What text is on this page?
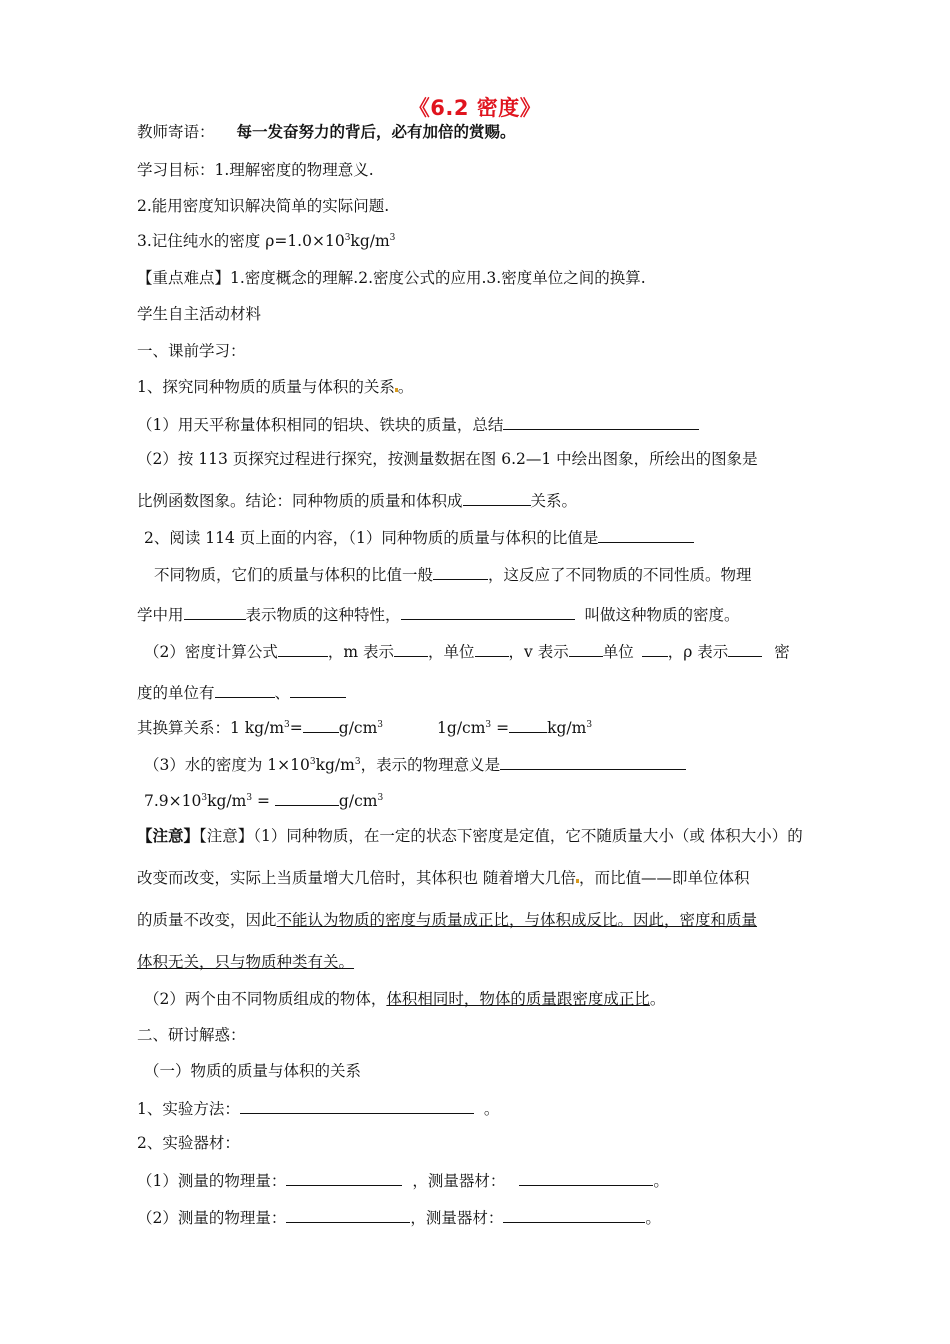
《6.2 密度》
教师寄语： 每一发奋努力的背后，必有加倍的赏赐。
学习目标：1.理解密度的物理意义.
2.能用密度知识解决简单的实际问题.
3.记住纯水的密度 $\rho=1.0\times 10^3kg/m^3$
【重点难点】1.密度概念的理解.2.密度公式的应用.3.密度单位之间的换算.
学生自主活动材料
一、课前学习：
1、探究同种物质的质量与体积的关系 。
（1）用天平称量体积相同的铝块、铁块的质量，总结
（2）按 113 页探究过程进行探究，按测量数据在图 6.2—1 中绘出图象，所绘出的图象是
比例函数图象。结论：同种物质的质量和体积成	关系。
2、阅读 114 页上面的内容，（1）同种物质的质量与体积的比值是
不同物质，它们的质量与体积的比值一般	，这反应了不同物质的不同性质。物理
学中用	表示物质的这种特性，	叫做这种物质的密度。
（2）密度计算公式	，m 表示 ，单位 ，v 表示 单位 ，ρ 表示	密
度的单位有	、
其换算关系：1 $kg/m^3= g/cm^3$	$1g/cm^3 = kg/m^3$
（3）水的密度为 $1\times 10^3kg/m^3$，表示的物理意义是
$7.9\times 10^3kg/m^3$ =	$g/cm^3$
【注意】【注意】（1）同种物质，在一定的状态下密度是定值，它不随质量大小（或 体积大小）的
改变而改变，实际上当质量增大几倍时，其体积也 随着增大几倍 ，而比值——即单位体积
的质量不改变，因此不能认为物质的密度与质量成正比，与体积成反比。因此，密度和质量
体积无关，只与物质种类有关。
（2）两个由不同物质组成的物体，体积相同时，物体的质量跟密度成正比。
二、研讨解惑：
（一）物质的质量与体积的关系
1、实验方法：	。
2、实验器材：
（1）测量的物理量：	，测量器材：	。
（2）测量的物理量：	，测量器材：	。
